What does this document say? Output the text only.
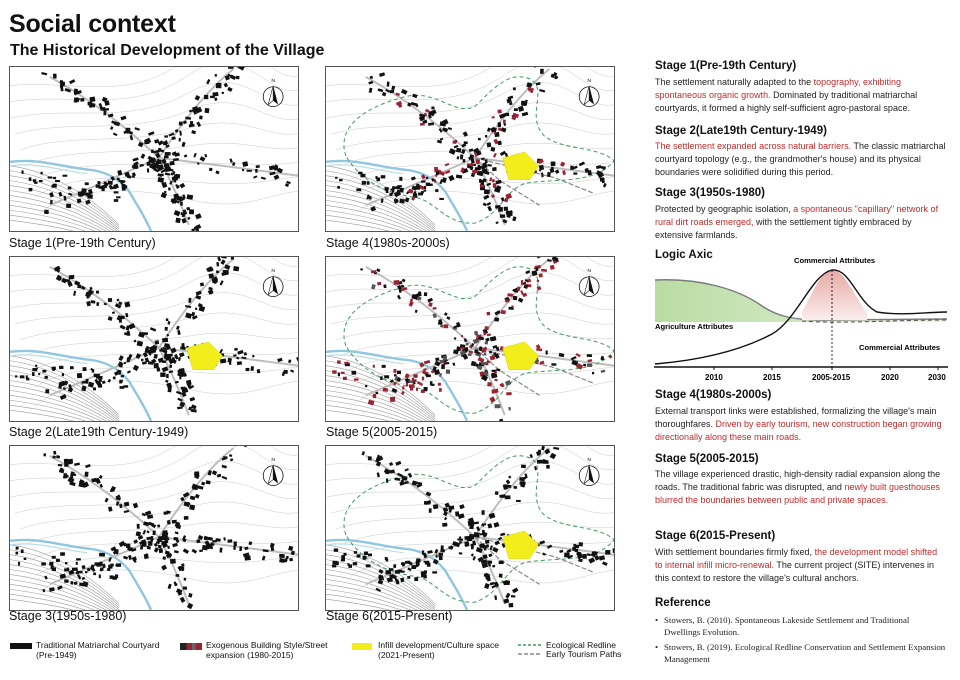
Social context
The Historical Development of the Village
N
Stage 1(Pre-19th Century)
N
Stage 4(1980s-2000s)
N
Stage 2(Late19th Century-1949)
N
Stage 5(2005-2015)
N
Stage 3(1950s-1980)
N
Stage 6(2015-Present)
Traditional Matriarchal Courtyard
(Pre-1949)
Exogenous Building Style/Street
expansion (1980-2015)
Infill development/Culture space
(2021-Present)
Ecological Redline
Early Tourism Paths
Stage 1(Pre-19th Century)
The settlement naturally adapted to the topography, exhibiting spontaneous organic growth. Dominated by traditional matriarchal courtyards, it formed a highly self-sufficient agro-pastoral space.
Stage 2(Late19th Century-1949)
The settlement expanded across natural barriers. The classic matriarchal courtyard topology (e.g., the grandmother's house) and its physical boundaries were solidified during this period.
Stage 3(1950s-1980)
Protected by geographic isolation, a spontaneous "capillary" network of rural dirt roads emerged, with the settlement tightly embraced by extensive farmlands.
Stage 4(1980s-2000s)
External transport links were established, formalizing the village's main thoroughfares. Driven by early tourism, new construction began growing directionally along these main roads.
Stage 5(2005-2015)
The village experienced drastic, high-density radial expansion along the roads. The traditional fabric was disrupted, and newly built guesthouses blurred the boundaries between public and private spaces.
Stage 6(2015-Present)
With settlement boundaries firmly fixed, the development model shifted to internal infill micro-renewal. The current project (SITE) intervenes in this context to restore the village's cultural anchors.
Logic Axic	Commercial Attributes
Agriculture Attributes
Commercial Attributes
2010	2015	2005-2015	2020	2030
Reference
• Stowers, B. (2010). Spontaneous Lakeside Settlement and Traditional Dwellings Evolution.
• Stowers, B. (2019). Ecological Redline Conservation and Settlement Expansion Management
